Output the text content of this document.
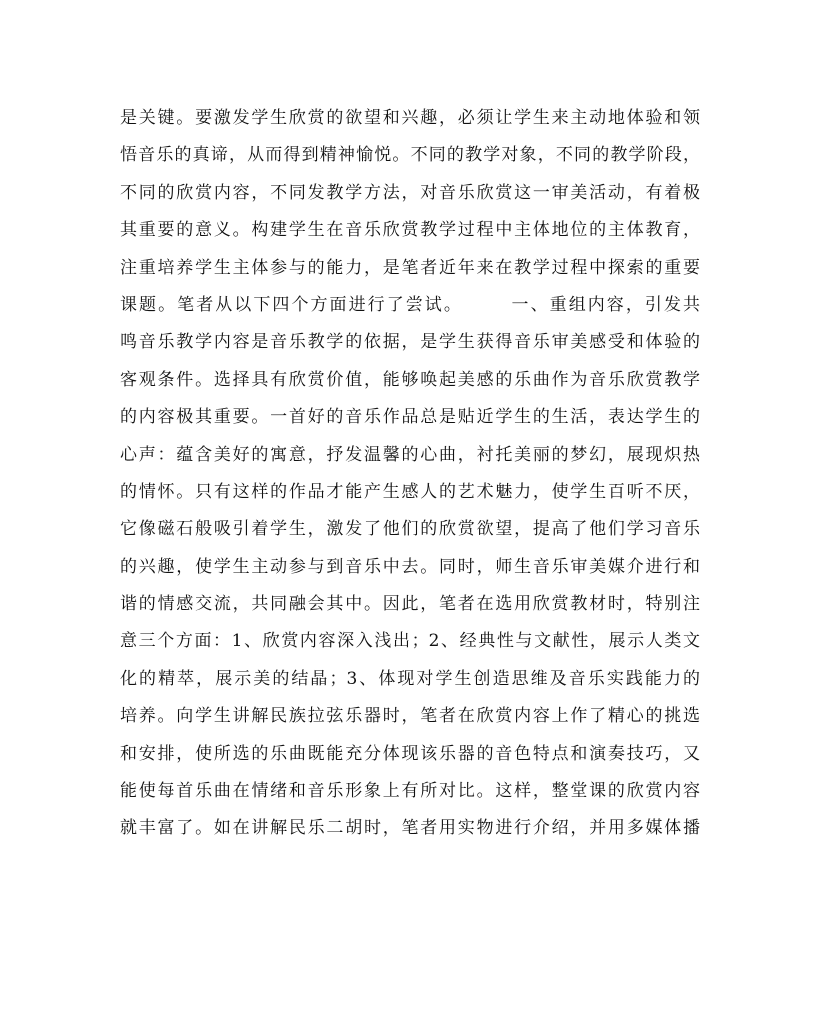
是关键。要激发学生欣赏的欲望和兴趣，必须让学生来主动地体验和领
悟音乐的真谛，从而得到精神愉悦。不同的教学对象，不同的教学阶段，
不同的欣赏内容，不同发教学方法，对音乐欣赏这一审美活动，有着极
其重要的意义。构建学生在音乐欣赏教学过程中主体地位的主体教育，
注重培养学生主体参与的能力，是笔者近年来在教学过程中探索的重要
课题。笔者从以下四个方面进行了尝试。　　　一、重组内容，引发共
鸣音乐教学内容是音乐教学的依据，是学生获得音乐审美感受和体验的
客观条件。选择具有欣赏价值，能够唤起美感的乐曲作为音乐欣赏教学
的内容极其重要。一首好的音乐作品总是贴近学生的生活，表达学生的
心声：蕴含美好的寓意，抒发温馨的心曲，衬托美丽的梦幻，展现炽热
的情怀。只有这样的作品才能产生感人的艺术魅力，使学生百听不厌，
它像磁石般吸引着学生，激发了他们的欣赏欲望，提高了他们学习音乐
的兴趣，使学生主动参与到音乐中去。同时，师生音乐审美媒介进行和
谐的情感交流，共同融会其中。因此，笔者在选用欣赏教材时，特别注
意三个方面：1、欣赏内容深入浅出；2、经典性与文献性，展示人类文
化的精萃，展示美的结晶；3、体现对学生创造思维及音乐实践能力的
培养。向学生讲解民族拉弦乐器时，笔者在欣赏内容上作了精心的挑选
和安排，使所选的乐曲既能充分体现该乐器的音色特点和演奏技巧，又
能使每首乐曲在情绪和音乐形象上有所对比。这样，整堂课的欣赏内容
就丰富了。如在讲解民乐二胡时，笔者用实物进行介绍，并用多媒体播
